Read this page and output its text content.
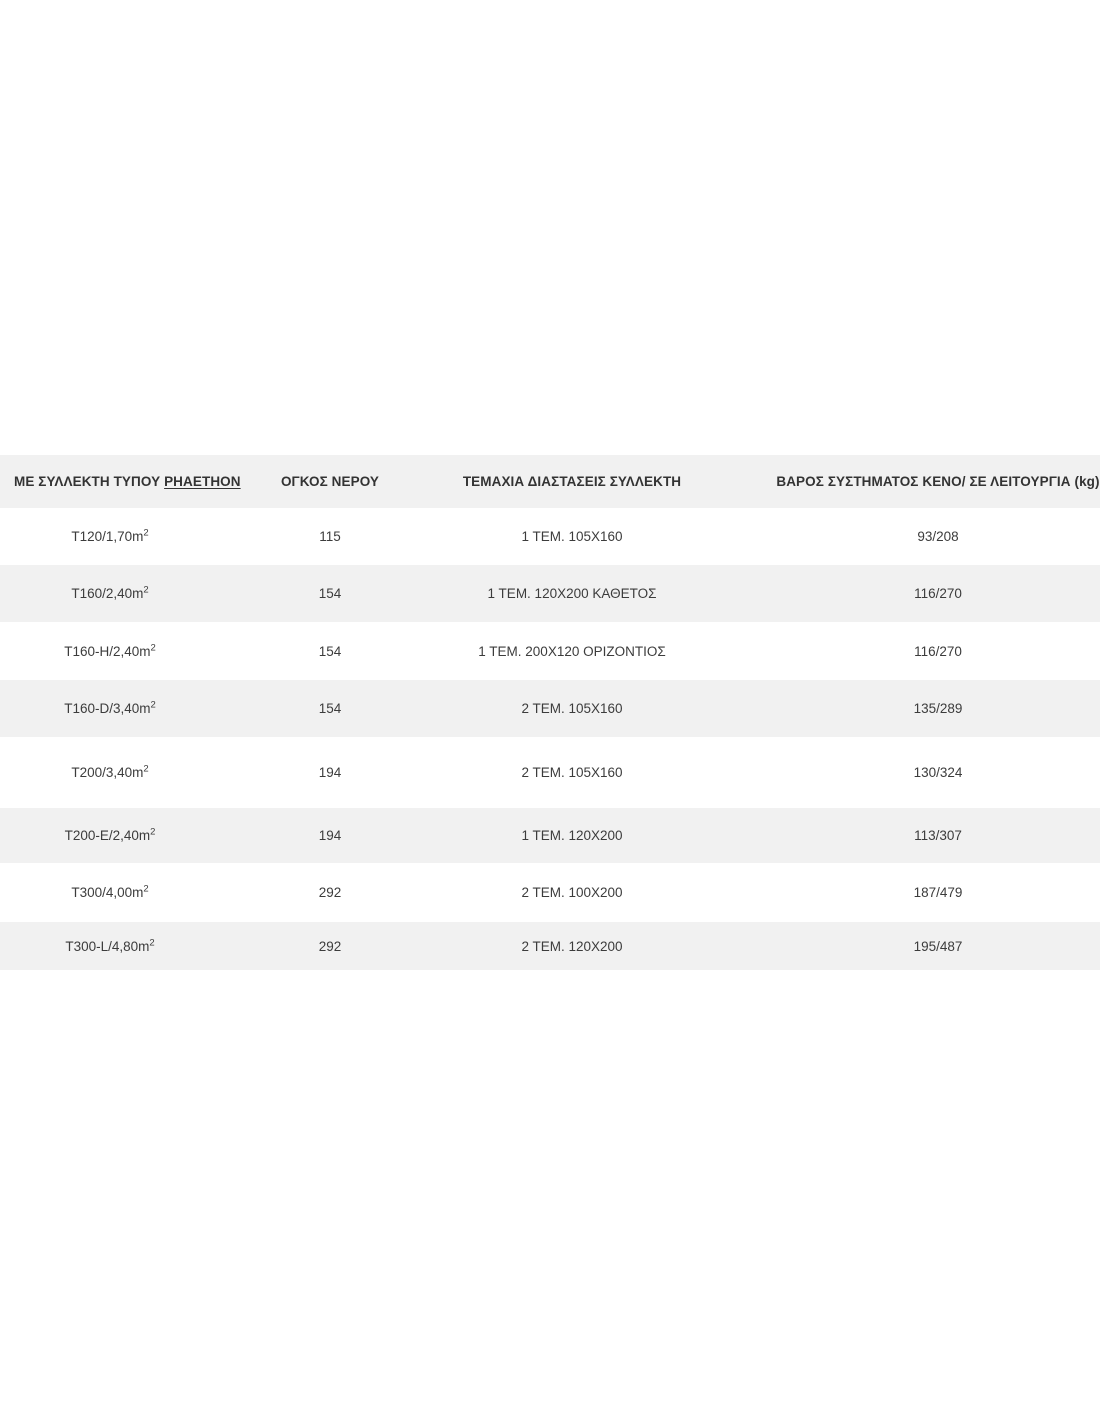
ΜΕ ΣΥΛΛΕΚΤΗ ΤΥΠΟΥ PHAETHON	ΟΓΚΟΣ ΝΕΡΟΥ	ΤΕΜΑΧΙΑ ΔΙΑΣΤΑΣΕΙΣ ΣΥΛΛΕΚΤΗ	ΒΑΡΟΣ ΣΥΣΤΗΜΑΤΟΣ ΚΕΝΟ/ ΣΕ ΛΕΙΤΟΥΡΓΙΑ (kg)
$T120/1,70m^2$	115	1 ΤΕΜ. 105X160	93/208
$T160/2,40m^2$	154	1 ΤΕΜ. 120X200 ΚΑΘΕΤΟΣ	116/270
$T160-H/2,40m^2$	154	1 ΤΕΜ. 200X120 ΟΡΙΖΟΝΤΙΟΣ	116/270
$T160-D/3,40m^2$	154	2 ΤΕΜ. 105X160	135/289
$T200/3,40m^2$	194	2 ΤΕΜ. 105X160	130/324
$T200-E/2,40m^2$	194	1 ΤΕΜ. 120X200	113/307
$T300/4,00m^2$	292	2 ΤΕΜ. 100X200	187/479
$T300-L/4,80m^2$	292	2 ΤΕΜ. 120X200	195/487
